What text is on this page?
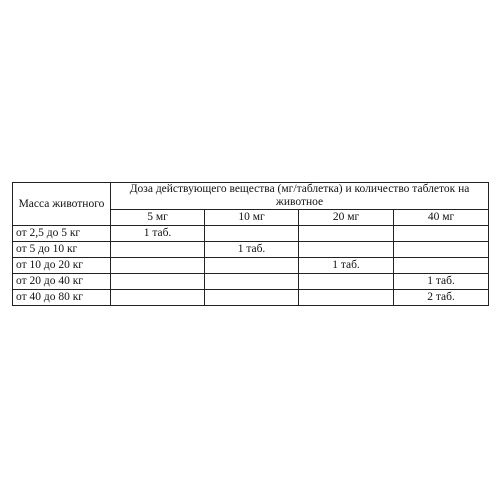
Масса животного	Доза действующего вещества (мг/таблетка) и количество таблеток на животное			
	5 мг	10 мг	20 мг	40 мг
от 2,5 до 5 кг	1 таб.			
от 5 до 10 кг		1 таб.		
от 10 до 20 кг			1 таб.	
от 20 до 40 кг				1 таб.
от 40 до 80 кг				2 таб.
